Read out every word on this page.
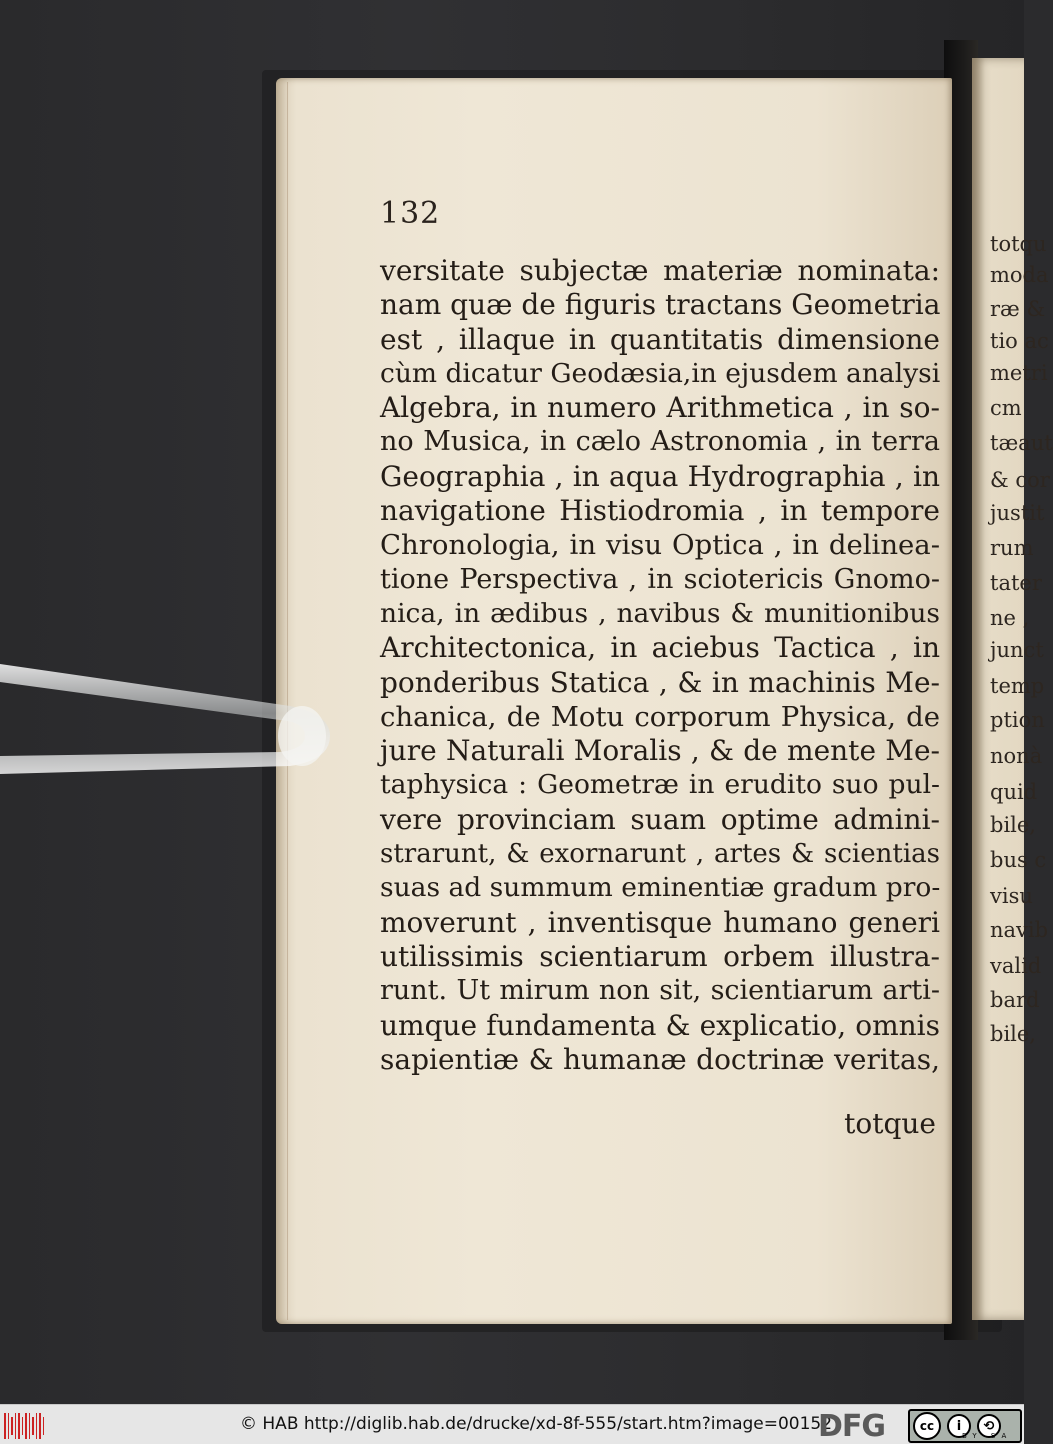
totqu
moda
ræ &
tio ac
metri
cm
tæaut
& cor
justit
rum
tater
ne ,
junct
temp
ption
nonà
quid
bile,
bus c
visu
navib
valid
bard
bile,
132
versitate subjectæ materiæ nominata:
nam quæ de figuris tractans Geometria
est , illaque in quantitatis dimensione
cùm dicatur Geodæsia,in ejusdem analysi
Algebra, in numero Arithmetica , in so-
no Musica, in cælo Astronomia , in terra
Geographia , in aqua Hydrographia , in
navigatione Histiodromia , in tempore
Chronologia, in visu Optica , in delinea-
tione Perspectiva , in sciotericis Gnomo-
nica, in ædibus , navibus & munitionibus
Architectonica, in aciebus Tactica , in
ponderibus Statica , & in machinis Me-
chanica, de Motu corporum Physica, de
jure Naturali Moralis , & de mente Me-
taphysica : Geometræ in erudito suo pul-
vere provinciam suam optime admini-
strarunt, & exornarunt , artes & scientias
suas ad summum eminentiæ gradum pro-
moverunt , inventisque humano generi
utilissimis scientiarum orbem illustra-
runt. Ut mirum non sit, scientiarum arti-
umque fundamenta & explicatio, omnis
sapientiæ & humanæ doctrinæ veritas,
totque
© HAB http://diglib.hab.de/drucke/xd-8f-555/start.htm?image=00152
DFG	cc	i	⟲
BY SA
